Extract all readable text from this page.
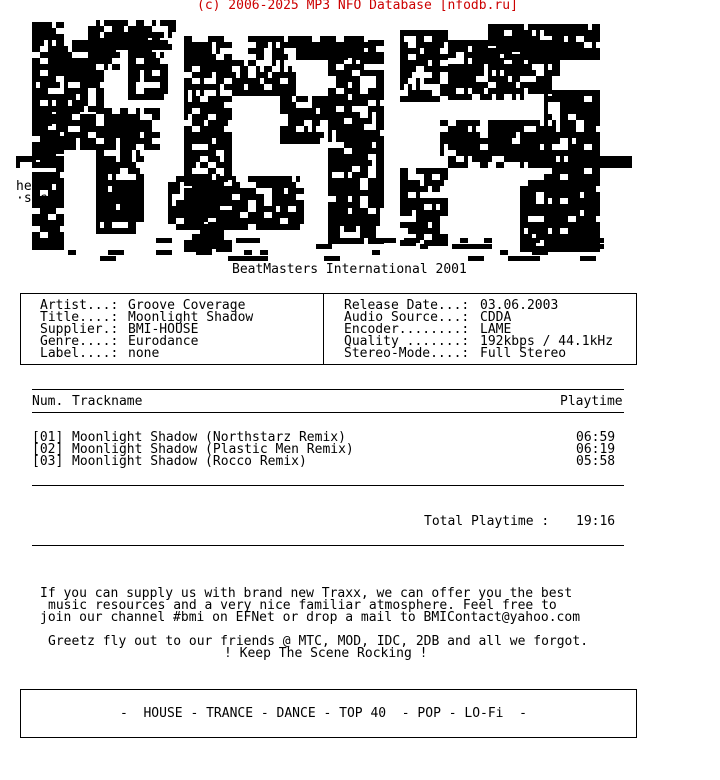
(c) 2006-2025 MP3 NFO Database [nfodb.ru]
hetero
·sac·
BeatMasters International 2001
Artist...: Groove Coverage
Title....: Moonlight Shadow
Supplier.: BMI-HOUSE
Genre....: Eurodance
Label....: none
Release Date...: 03.06.2003
Audio Source...: CDDA
Encoder........: LAME
Quality .......: 192kbps / 44.1kHz
Stereo-Mode....: Full Stereo
Num. Trackname	Playtime
[01] Moonlight Shadow (Northstarz Remix)	06:59
[02] Moonlight Shadow (Plastic Men Remix)	06:19
[03] Moonlight Shadow (Rocco Remix)	05:58
Total Playtime : 19:16
If you can supply us with brand new Traxx, we can offer you the best
music resources and a very nice familiar atmosphere. Feel free to
join our channel #bmi on EFNet or drop a mail to BMIContact@yahoo.com
Greetz fly out to our friends @ MTC, MOD, IDC, 2DB and all we forgot.
! Keep The Scene Rocking !
-  HOUSE - TRANCE - DANCE - TOP 40  - POP - LO-Fi  -
